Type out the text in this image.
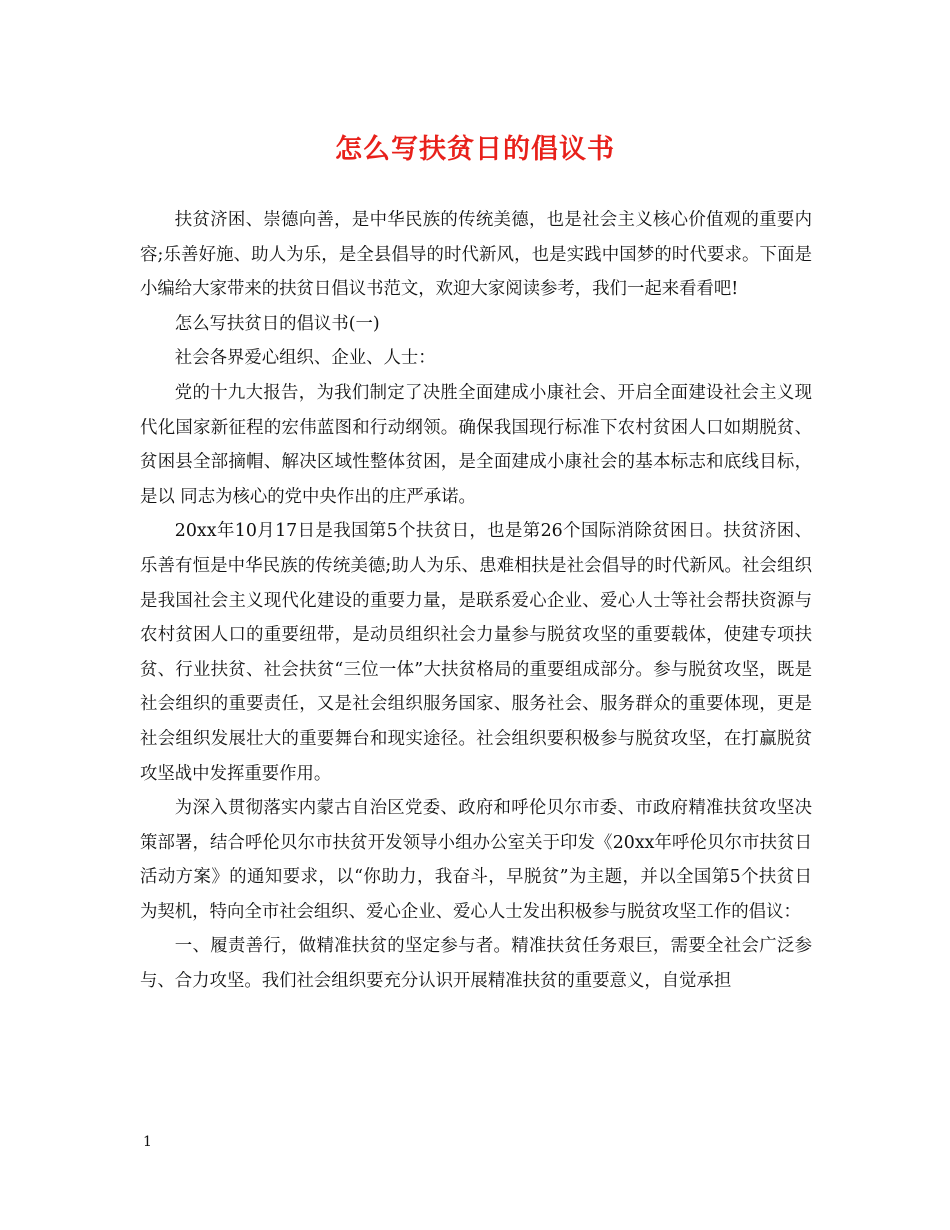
怎么写扶贫日的倡议书

扶贫济困、崇德向善，是中华民族的传统美德，也是社会主义核心价值观的重要内容;乐善好施、助人为乐，是全县倡导的时代新风，也是实践中国梦的时代要求。下面是小编给大家带来的扶贫日倡议书范文，欢迎大家阅读参考，我们一起来看看吧!

怎么写扶贫日的倡议书(一)

社会各界爱心组织、企业、人士：

党的十九大报告，为我们制定了决胜全面建成小康社会、开启全面建设社会主义现代化国家新征程的宏伟蓝图和行动纲领。确保我国现行标准下农村贫困人口如期脱贫、贫困县全部摘帽、解决区域性整体贫困，是全面建成小康社会的基本标志和底线目标，是以 同志为核心的党中央作出的庄严承诺。

20xx年10月17日是我国第5个扶贫日，也是第26个国际消除贫困日。扶贫济困、乐善有恒是中华民族的传统美德;助人为乐、患难相扶是社会倡导的时代新风。社会组织是我国社会主义现代化建设的重要力量，是联系爱心企业、爱心人士等社会帮扶资源与农村贫困人口的重要纽带，是动员组织社会力量参与脱贫攻坚的重要载体，使建专项扶贫、行业扶贫、社会扶贫“三位一体”大扶贫格局的重要组成部分。参与脱贫攻坚，既是社会组织的重要责任，又是社会组织服务国家、服务社会、服务群众的重要体现，更是社会组织发展壮大的重要舞台和现实途径。社会组织要积极参与脱贫攻坚，在打赢脱贫攻坚战中发挥重要作用。

为深入贯彻落实内蒙古自治区党委、政府和呼伦贝尔市委、市政府精准扶贫攻坚决策部署，结合呼伦贝尔市扶贫开发领导小组办公室关于印发《20xx年呼伦贝尔市扶贫日活动方案》的通知要求，以“你助力，我奋斗，早脱贫”为主题，并以全国第5个扶贫日为契机，特向全市社会组织、爱心企业、爱心人士发出积极参与脱贫攻坚工作的倡议：

一、履责善行，做精准扶贫的坚定参与者。精准扶贫任务艰巨，需要全社会广泛参与、合力攻坚。我们社会组织要充分认识开展精准扶贫的重要意义，自觉承担

1
